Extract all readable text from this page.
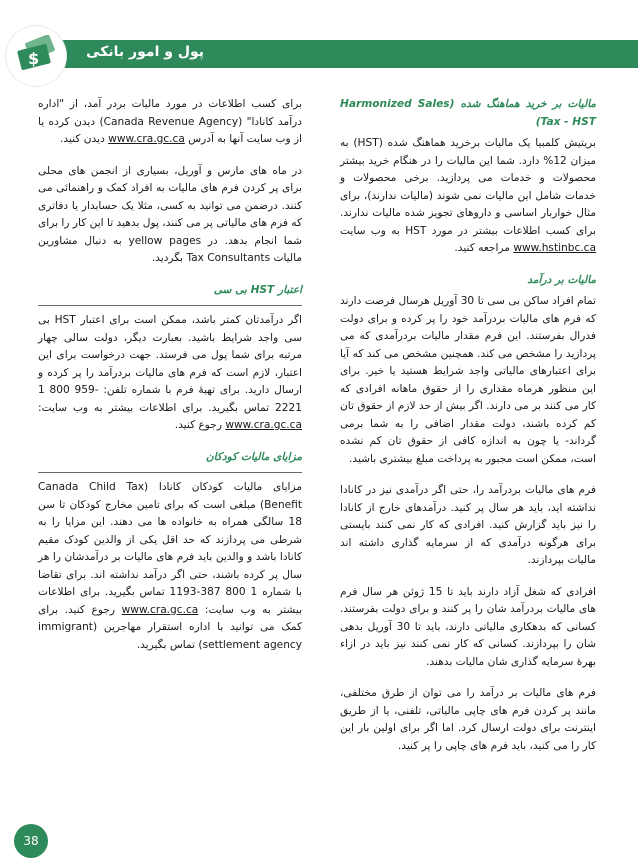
پول و امور بانکی
$
مالیات بر خرید هماهنگ شده (Harmonized Sales Tax - HST)

بریتیش کلمبیا یک مالیات برخرید هماهنگ شده (HST) به میزان 12% دارد. شما این مالیات را در هنگام خرید بیشتر محصولات و خدمات می پردازید. برخی محصولات و خدمات شامل این مالیات نمی شوند (مالیات ندارند)، برای مثال خواربار اساسی و داروهای تجویز شده مالیات ندارند. برای کسب اطلاعات بیشتر در مورد HST به وب سایت www.hstinbc.ca مراجعه کنید.

مالیات بر درآمد

تمام افراد ساکن بی سی تا 30 آوریل هرسال فرصت دارند که فرم های مالیات بردرآمد خود را پر کرده و برای دولت فدرال بفرستند. این فرم مقدار مالیات بردرآمدی که می پردازید را مشخص می کند. همچنین مشخص می کند که آیا برای اعتبارهای مالیاتی واجد شرایط هستید یا خیر. برای این منظور هرماه مقداری را از حقوق ماهانه افرادی که کار می کنند بر می دارند. اگر بیش از حد لازم از حقوق تان کم کرده باشند، دولت مقدار اضافی را به شما برمی گرداند- یا چون به اندازه کافی از حقوق تان کم نشده است، ممکن است مجبور به پرداخت مبلغ بیشتری باشید.

فرم های مالیات بردرآمد را، حتی اگر درآمدی نیز در کانادا نداشته اید، باید هر سال پر کنید. درآمدهای خارج از کانادا را نیز باید گزارش کنید. افرادی که کار نمی کنند بایستی برای هرگونه درآمدی که از سرمایه گذاری داشته اند مالیات بپردازند.

افرادی که شغل آزاد دارند باید تا 15 ژوئن هر سال فرم های مالیات بردرآمد شان را پر کنند و برای دولت بفرستند. کسانی که بدهکاری مالیاتی دارند، باید تا 30 آوریل بدهی شان را بپردازند. کسانی که کار نمی کنند نیز باید در ازاء بهرهٔ سرمایه گذاری شان مالیات بدهند.

فرم های مالیات بر درآمد را می توان از طرق مختلفی، مانند پر کردن فرم های چاپی مالیاتی، تلفنی، یا از طریق اینترنت برای دولت ارسال کرد. اما اگر برای اولین بار این کار را می کنید، باید فرم های چاپی را پر کنید.

برای کسب اطلاعات در مورد مالیات بردر آمد، از "اداره درآمد کانادا" (Canada Revenue Agency) دیدن کرده یا از وب سایت آنها به آدرس www.cra.gc.ca دیدن کنید.

در ماه های مارس و آوریل، بسیاری از انجمن های محلی برای پر کردن فرم های مالیات به افراد کمک و راهنمائی می کنند. درضمن می توانید به کسی، مثلا یک حسابدار یا دفاتری که فرم های مالیاتی پر می کنند، پول بدهید تا این کار را برای شما انجام بدهد. در yellow pages به دنبال مشاورین مالیات Tax Consultants بگردید.

اعتبار HST بی سی

اگر درآمدتان کمتر باشد، ممکن است برای اعتبار HST بی سی واجد شرایط باشید. بعبارت دیگر، دولت سالی چهار مرتبه برای شما پول می فرستد. جهت درخواست برای این اعتبار، لازم است که فرم های مالیات بردرآمد را پر کرده و ارسال دارید. برای تهیهٔ فرم با شماره تلفن: 1 800 959-2221 تماس بگیرید. برای اطلاعات بیشتر به وب سایت: www.cra.gc.ca رجوع کنید.

مزایای مالیات کودکان

مزایای مالیات کودکان کانادا (Canada Child Tax Benefit) مبلغی است که برای تامین مخارج کودکان تا سن 18 سالگی همراه به خانواده ها می دهند. این مزایا را به شرطی می پردازند که حد اقل یکی از والدین کودک مقیم کانادا باشد و والدین باید فرم های مالیات بر درآمدشان را هر سال پر کرده باشند، حتی اگر درآمد نداشته اند. برای تقاضا با شماره 1 800 387-1193 تماس بگیرید. برای اطلاعات بیشتر به وب سایت: www.cra.gc.ca رجوع کنید. برای کمک می توانید با اداره استقرار مهاجرین (immigrant settlement agency) تماس بگیرید.

38
